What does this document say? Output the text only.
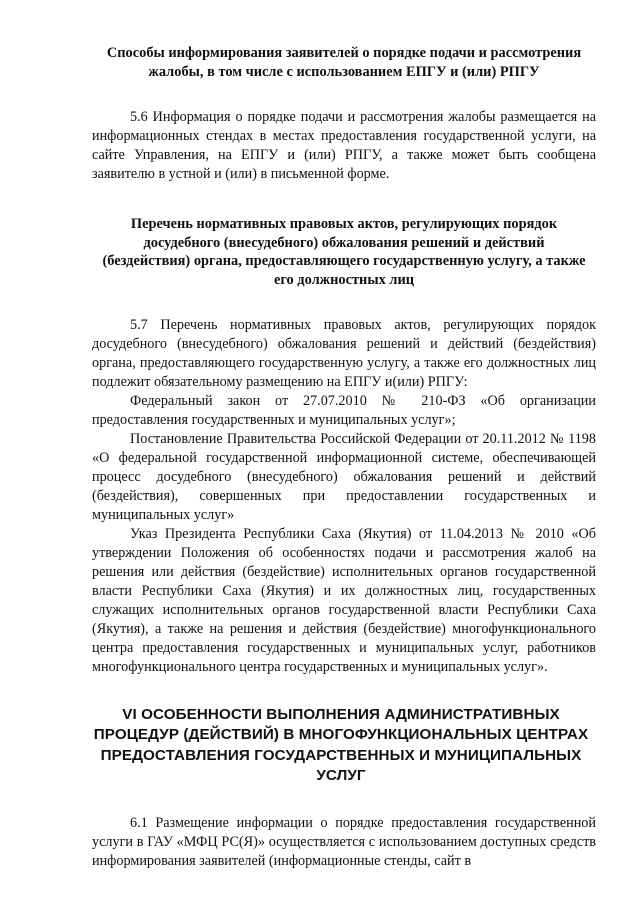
Способы информирования заявителей о порядке подачи и рассмотрения жалобы, в том числе с использованием ЕПГУ и (или) РПГУ

5.6 Информация о порядке подачи и рассмотрения жалобы размещается на информационных стендах в местах предоставления государственной услуги, на сайте Управления, на ЕПГУ и (или) РПГУ, а также может быть сообщена заявителю в устной и (или) в письменной форме.

Перечень нормативных правовых актов, регулирующих порядок досудебного (внесудебного) обжалования решений и действий (бездействия) органа, предоставляющего государственную услугу, а также его должностных лиц

5.7 Перечень нормативных правовых актов, регулирующих порядок досудебного (внесудебного) обжалования решений и действий (бездействия) органа, предоставляющего государственную услугу, а также его должностных лиц подлежит обязательному размещению на ЕПГУ и(или) РПГУ:

Федеральный закон от 27.07.2010 № 210-ФЗ «Об организации предоставления государственных и муниципальных услуг»;

Постановление Правительства Российской Федерации от 20.11.2012 № 1198 «О федеральной государственной информационной системе, обеспечивающей процесс досудебного (внесудебного) обжалования решений и действий (бездействия), совершенных при предоставлении государственных и муниципальных услуг»

Указ Президента Республики Саха (Якутия) от 11.04.2013 № 2010 «Об утверждении Положения об особенностях подачи и рассмотрения жалоб на решения или действия (бездействие) исполнительных органов государственной власти Республики Саха (Якутия) и их должностных лиц, государственных служащих исполнительных органов государственной власти Республики Саха (Якутия), а также на решения и действия (бездействие) многофункционального центра предоставления государственных и муниципальных услуг, работников многофункционального центра государственных и муниципальных услуг».

VI ОСОБЕННОСТИ ВЫПОЛНЕНИЯ АДМИНИСТРАТИВНЫХ ПРОЦЕДУР (ДЕЙСТВИЙ) В МНОГОФУНКЦИОНАЛЬНЫХ ЦЕНТРАХ ПРЕДОСТАВЛЕНИЯ ГОСУДАРСТВЕННЫХ И МУНИЦИПАЛЬНЫХ УСЛУГ

6.1 Размещение информации о порядке предоставления государственной услуги в ГАУ «МФЦ РС(Я)» осуществляется с использованием доступных средств информирования заявителей (информационные стенды, сайт в
